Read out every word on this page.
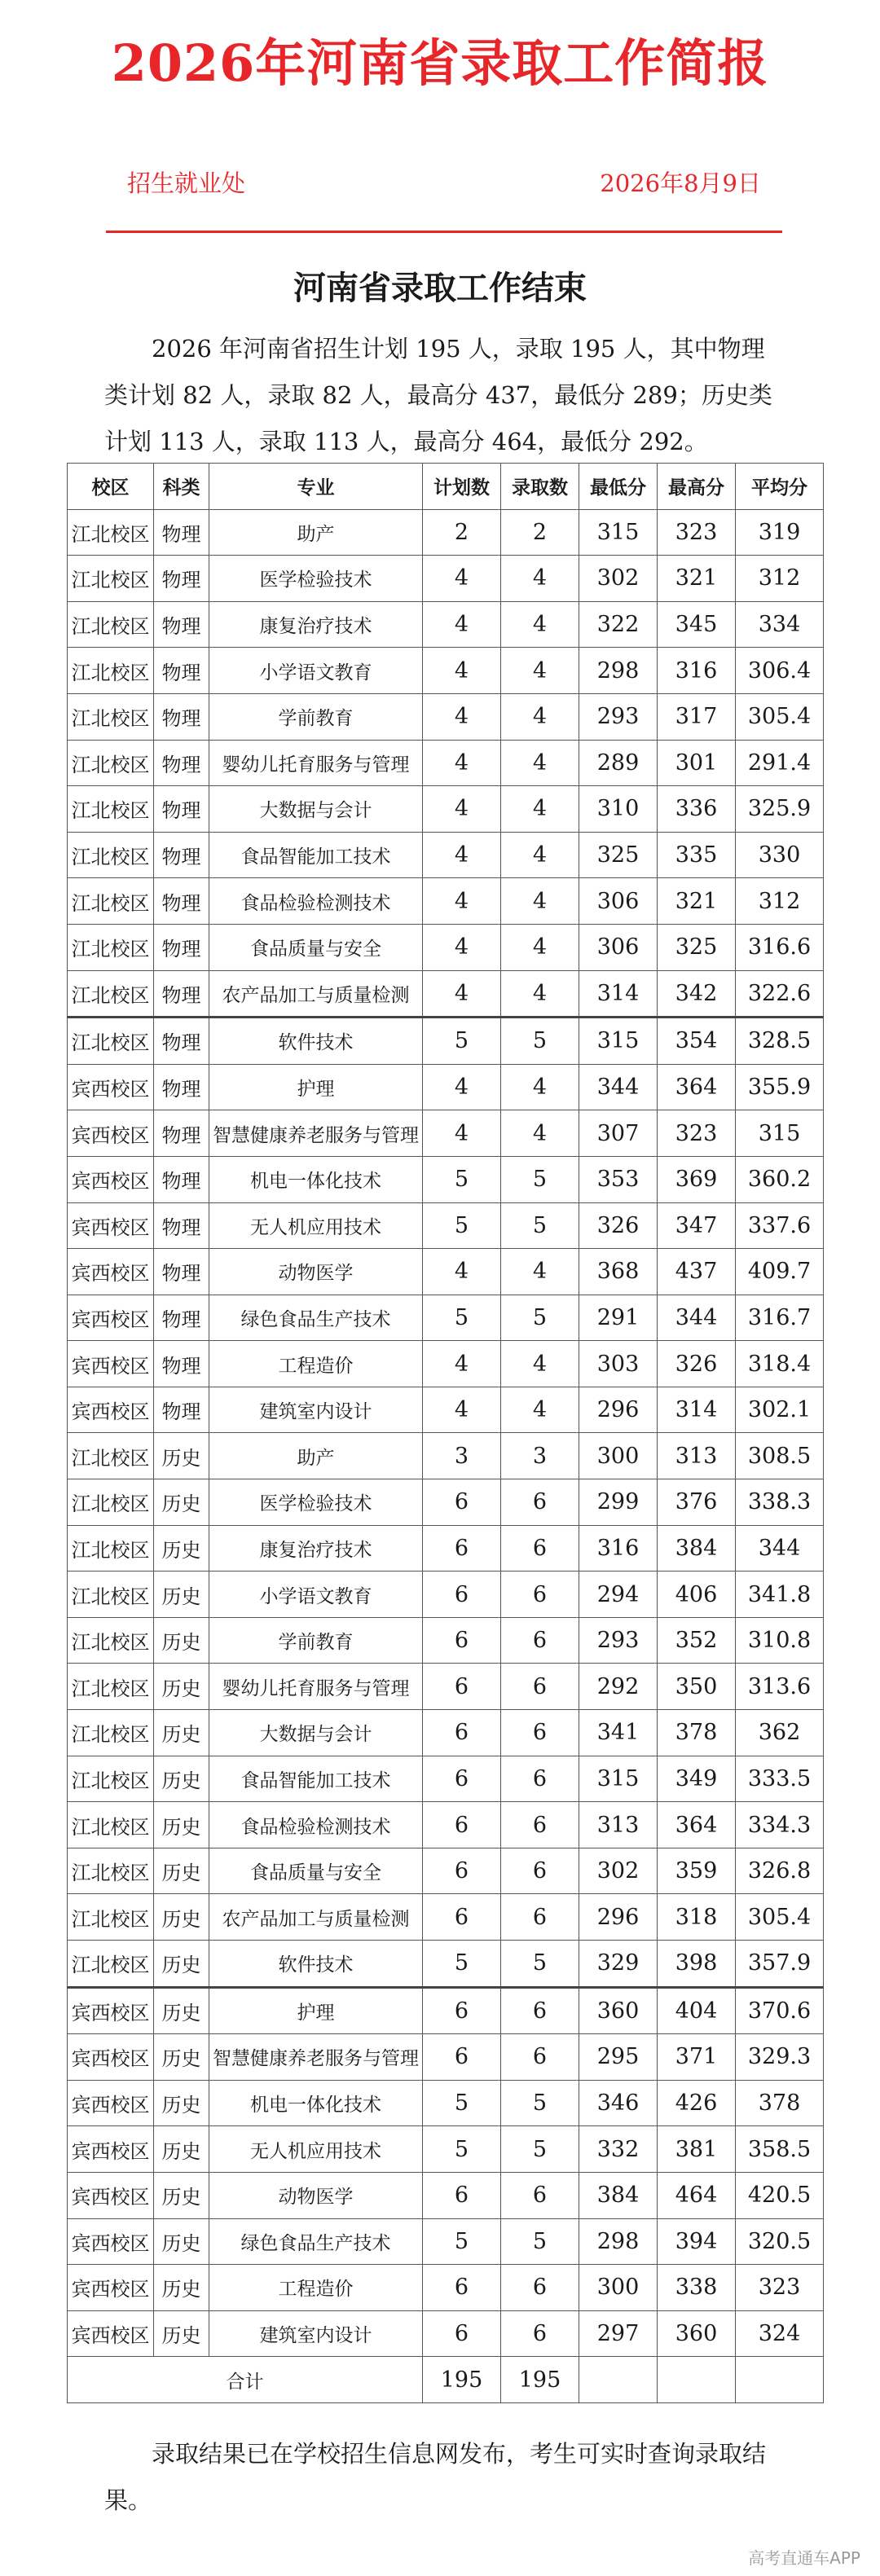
2026年河南省录取工作简报
招生就业处	2026年8月9日
河南省录取工作结束
2026 年河南省招生计划 195 人，录取 195 人，其中物理类计划 82 人，录取 82 人，最高分 437，最低分 289；历史类计划 113 人，录取 113 人，最高分 464，最低分 292。
校区	科类	专业	计划数	录取数	最低分	最高分	平均分
江北校区	物理	助产	2	2	315	323	319
江北校区	物理	医学检验技术	4	4	302	321	312
江北校区	物理	康复治疗技术	4	4	322	345	334
江北校区	物理	小学语文教育	4	4	298	316	306.4
江北校区	物理	学前教育	4	4	293	317	305.4
江北校区	物理	婴幼儿托育服务与管理	4	4	289	301	291.4
江北校区	物理	大数据与会计	4	4	310	336	325.9
江北校区	物理	食品智能加工技术	4	4	325	335	330
江北校区	物理	食品检验检测技术	4	4	306	321	312
江北校区	物理	食品质量与安全	4	4	306	325	316.6
江北校区	物理	农产品加工与质量检测	4	4	314	342	322.6
江北校区	物理	软件技术	5	5	315	354	328.5
宾西校区	物理	护理	4	4	344	364	355.9
宾西校区	物理	智慧健康养老服务与管理	4	4	307	323	315
宾西校区	物理	机电一体化技术	5	5	353	369	360.2
宾西校区	物理	无人机应用技术	5	5	326	347	337.6
宾西校区	物理	动物医学	4	4	368	437	409.7
宾西校区	物理	绿色食品生产技术	5	5	291	344	316.7
宾西校区	物理	工程造价	4	4	303	326	318.4
宾西校区	物理	建筑室内设计	4	4	296	314	302.1
江北校区	历史	助产	3	3	300	313	308.5
江北校区	历史	医学检验技术	6	6	299	376	338.3
江北校区	历史	康复治疗技术	6	6	316	384	344
江北校区	历史	小学语文教育	6	6	294	406	341.8
江北校区	历史	学前教育	6	6	293	352	310.8
江北校区	历史	婴幼儿托育服务与管理	6	6	292	350	313.6
江北校区	历史	大数据与会计	6	6	341	378	362
江北校区	历史	食品智能加工技术	6	6	315	349	333.5
江北校区	历史	食品检验检测技术	6	6	313	364	334.3
江北校区	历史	食品质量与安全	6	6	302	359	326.8
江北校区	历史	农产品加工与质量检测	6	6	296	318	305.4
江北校区	历史	软件技术	5	5	329	398	357.9
宾西校区	历史	护理	6	6	360	404	370.6
宾西校区	历史	智慧健康养老服务与管理	6	6	295	371	329.3
宾西校区	历史	机电一体化技术	5	5	346	426	378
宾西校区	历史	无人机应用技术	5	5	332	381	358.5
宾西校区	历史	动物医学	6	6	384	464	420.5
宾西校区	历史	绿色食品生产技术	5	5	298	394	320.5
宾西校区	历史	工程造价	6	6	300	338	323
宾西校区	历史	建筑室内设计	6	6	297	360	324
合计			195	195			
录取结果已在学校招生信息网发布，考生可实时查询录取结果。
高考直通车APP
